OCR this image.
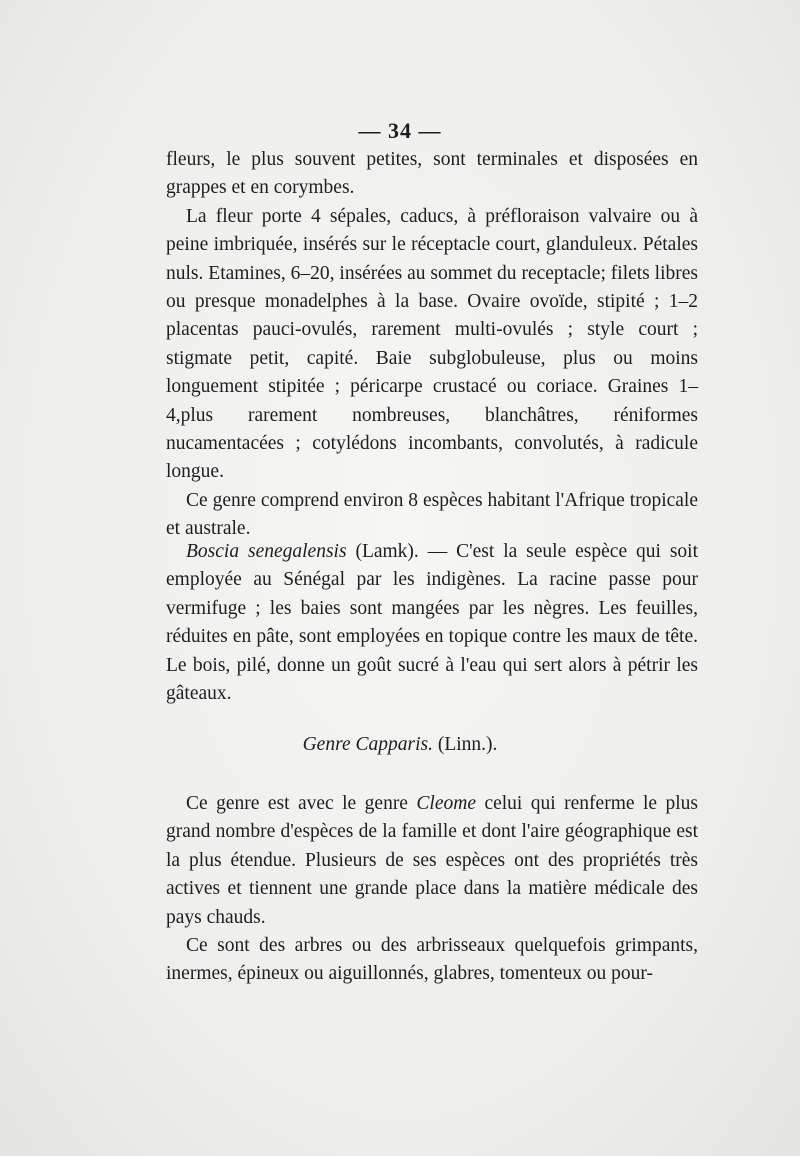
— 34 —

fleurs, le plus souvent petites, sont terminales et disposées en grappes et en corymbes.

La fleur porte 4 sépales, caducs, à préfloraison valvaire ou à peine imbriquée, insérés sur le réceptacle court, glanduleux. Pétales nuls. Etamines, 6–20, insérées au sommet du receptacle; filets libres ou presque monadelphes à la base. Ovaire ovoïde, stipité ; 1–2 placentas pauci-ovulés, rarement multi-ovulés ; style court ; stigmate petit, capité. Baie subglobuleuse, plus ou moins longuement stipitée ; péricarpe crustacé ou coriace. Graines 1–4,plus rarement nombreuses, blanchâtres, réniformes nucamentacées ; cotylédons incombants, convolutés, à radicule longue.

Ce genre comprend environ 8 espèces habitant l'Afrique tropicale et australe.

Boscia senegalensis (Lamk). — C'est la seule espèce qui soit employée au Sénégal par les indigènes. La racine passe pour vermifuge ; les baies sont mangées par les nègres. Les feuilles, réduites en pâte, sont employées en topique contre les maux de tête. Le bois, pilé, donne un goût sucré à l'eau qui sert alors à pétrir les gâteaux.

Genre Capparis. (Linn.).

Ce genre est avec le genre Cleome celui qui renferme le plus grand nombre d'espèces de la famille et dont l'aire géographique est la plus étendue. Plusieurs de ses espèces ont des propriétés très actives et tiennent une grande place dans la matière médicale des pays chauds.

Ce sont des arbres ou des arbrisseaux quelquefois grimpants, inermes, épineux ou aiguillonnés, glabres, tomenteux ou pour-
